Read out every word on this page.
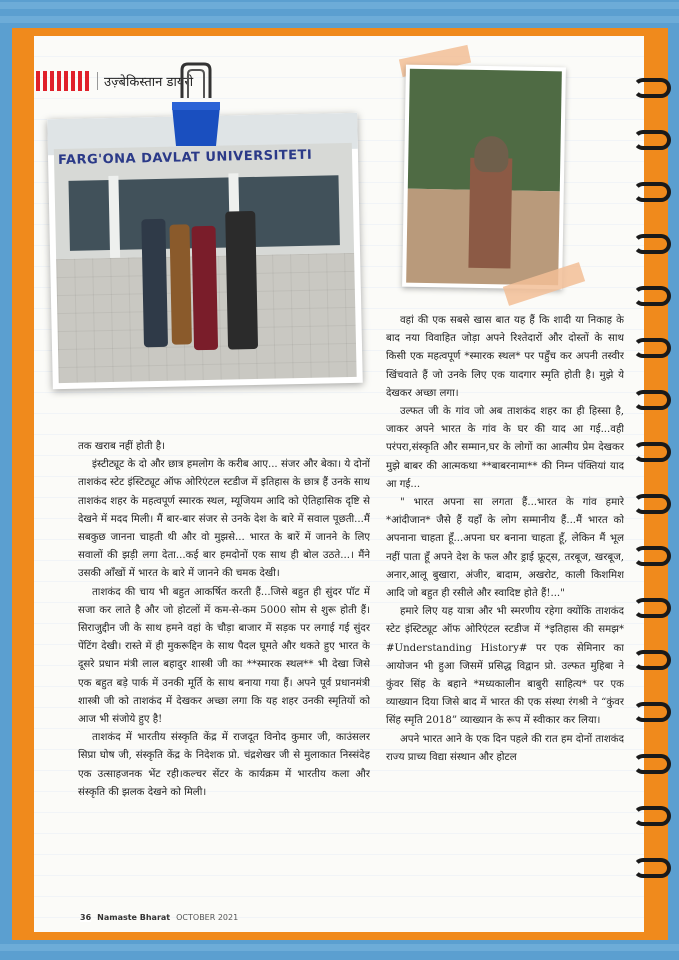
उज़्बेकिस्तान डायरी
FARG'ONA DAVLAT UNIVERSITETI

तक खराब नहीं होती है।

इंस्टीट्यूट के दो और छात्र हमलोग के करीब आए... संजर और बेका। ये दोनों ताशकंद स्टेट इंस्टिट्यूट ऑफ ओरिएंटल स्टडीज में इतिहास के छात्र हैं उनके साथ ताशकंद शहर के महत्वपूर्ण स्मारक स्थल, म्यूजियम आदि को ऐतिहासिक दृष्टि से देखने में मदद मिली। मैं बार-बार संजर से उनके देश के बारे में सवाल पूछती...मैं सबकुछ जानना चाहती थी और वो मुझसे... भारत के बारें में जानने के लिए सवालों की झड़ी लगा देता...कई बार हमदोनों एक साथ ही बोल उठते...। मैंने उसकी आँखों में भारत के बारे में जानने की चमक देखी।

ताशकंद की चाय भी बहुत आकर्षित करती हैं...जिसे बहुत ही सुंदर पॉट में सजा कर लाते है और जो होटलों में कम-से-कम 5000 सोम से शुरू होती हैं। सिराजुद्दीन जी के साथ हमने वहां के चौड़ा बाजार में सड़क पर लगाई गई सुंदर पेंटिंग देखी। रास्ते में ही मुकरूद्दिन के साथ पैदल घूमते और थकते हुए भारत के दूसरे प्रधान मंत्री लाल बहादुर शास्त्री जी का **स्मारक स्थल** भी देखा जिसे एक बहुत बड़े पार्क में उनकी मूर्ति के साथ बनाया गया हैं। अपने पूर्व प्रधानमंत्री शास्त्री जी को ताशकंद में देखकर अच्छा लगा कि यह शहर उनकी स्मृतियों को आज भी संजोये हुए है!

ताशकंद में भारतीय संस्कृति केंद्र में राजदूत विनोद कुमार जी, काउंसलर सिप्रा घोष जी, संस्कृति केंद्र के निदेशक प्रो. चंद्रशेखर जी से मुलाकात निस्संदेह एक उत्साहजनक भेंट रही।कल्चर सेंटर के कार्यक्रम में भारतीय कला और संस्कृति की झलक देखने को मिली।

वहां की एक सबसे खास बात यह हैं कि शादी या निकाह के बाद नया विवाहित जोड़ा अपने रिश्तेदारों और दोस्तों के साथ किसी एक महत्वपूर्ण *स्मारक स्थल* पर पहुँच कर अपनी तस्वीर खिंचवाते हैं जो उनके लिए एक यादगार स्मृति होती है। मुझे ये देखकर अच्छा लगा।

उल्फत जी के गांव जो अब ताशकंद शहर का ही हिस्सा है, जाकर अपने भारत के गांव के घर की याद आ गई...वही परंपरा,संस्कृति और सम्मान,घर के लोगों का आत्मीय प्रेम देखकर मुझे बाबर की आत्मकथा **बाबरनामा** की निम्न पंक्तियां याद आ गई...

" भारत अपना सा लगता हैं...भारत के गांव हमारे *आंदीजान* जैसे हैं यहाँ के लोग सम्मानीय हैं...मैं भारत को अपनाना चाहता हूँ...अपना घर बनाना चाहता हूँ, लेकिन मैं भूल नहीं पाता हूँ अपने देश के फल और ड्राई फ्रूट्स, तरबूज, खरबूज, अनार,आलू बुखारा, अंजीर, बादाम, अखरोट, काली किशमिश आदि जो बहुत ही रसीले और स्वादिष्ट होते हैं!..."

हमारे लिए यह यात्रा और भी स्मरणीय रहेगा क्योंकि ताशकंद स्टेट इंस्टिट्यूट ऑफ ओरिएंटल स्टडीज में *इतिहास की समझ* #Understanding History# पर एक सेमिनार का आयोजन भी हुआ जिसमें प्रसिद्ध विद्वान प्रो. उल्फत मुहिबा ने कुंवर सिंह के बहाने *मध्यकालीन बाबुरी साहित्य* पर एक व्याख्यान दिया जिसे बाद में भारत की एक संस्था रंगश्री ने “कुंवर सिंह स्मृति 2018” व्याख्यान के रूप में स्वीकार कर लिया।

अपने भारत आने के एक दिन पहले की रात हम दोनों ताशकंद राज्य प्राच्य विद्या संस्थान और होटल

36 Namaste Bharat OCTOBER 2021
